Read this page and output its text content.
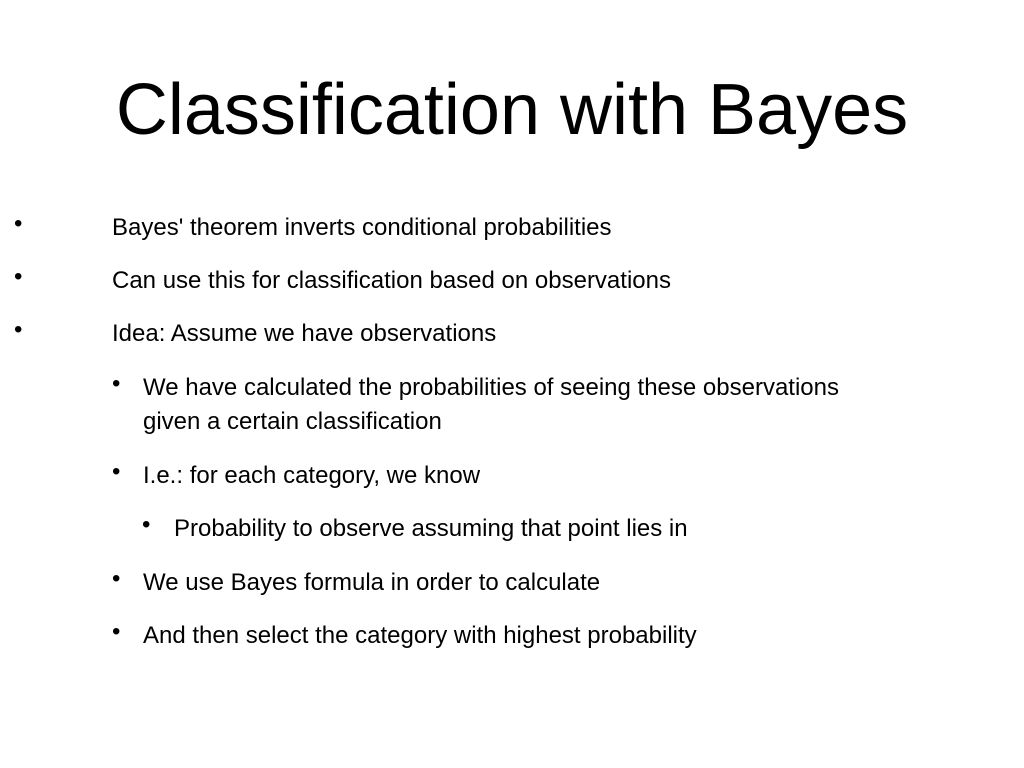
Classification with Bayes
•	Bayes' theorem inverts conditional probabilities
•	Can use this for classification based on observations
•	Idea: Assume we have observations
• We have calculated the probabilities of seeing these observations given a certain classification
• I.e.: for each category, we know
• Probability to observe assuming that point lies in
• We use Bayes formula in order to calculate
• And then select the category with highest probability
